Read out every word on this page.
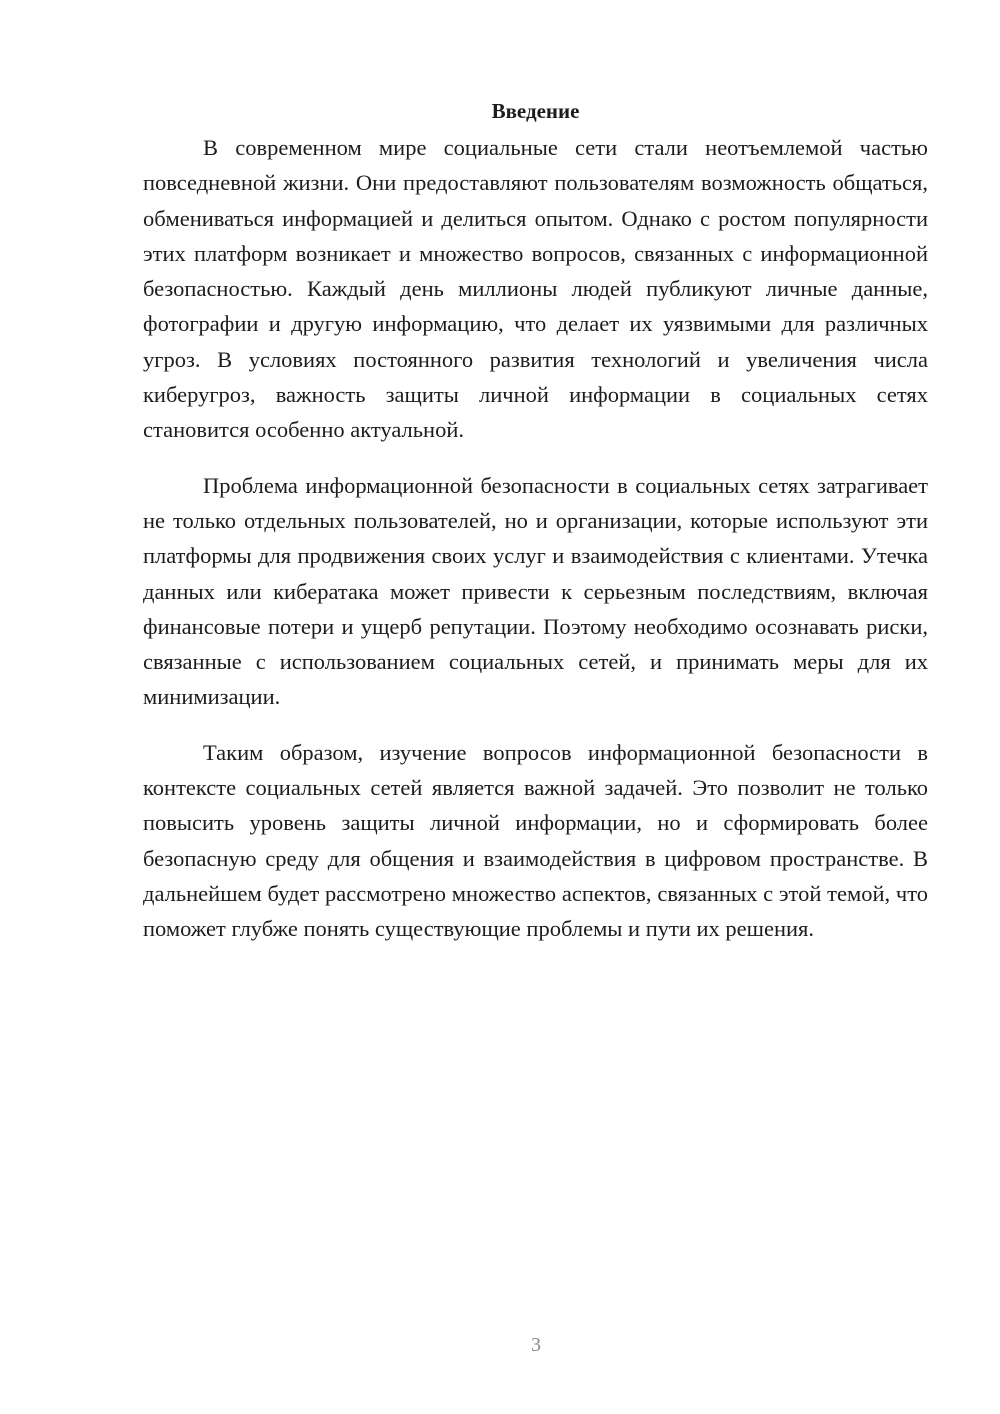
Введение

В современном мире социальные сети стали неотъемлемой частью повседневной жизни. Они предоставляют пользователям возможность общаться, обмениваться информацией и делиться опытом. Однако с ростом популярности этих платформ возникает и множество вопросов, связанных с информационной безопасностью. Каждый день миллионы людей публикуют личные данные, фотографии и другую информацию, что делает их уязвимыми для различных угроз. В условиях постоянного развития технологий и увеличения числа киберугроз, важность защиты личной информации в социальных сетях становится особенно актуальной.

Проблема информационной безопасности в социальных сетях затрагивает не только отдельных пользователей, но и организации, которые используют эти платформы для продвижения своих услуг и взаимодействия с клиентами. Утечка данных или кибератака может привести к серьезным последствиям, включая финансовые потери и ущерб репутации. Поэтому необходимо осознавать риски, связанные с использованием социальных сетей, и принимать меры для их минимизации.

Таким образом, изучение вопросов информационной безопасности в контексте социальных сетей является важной задачей. Это позволит не только повысить уровень защиты личной информации, но и сформировать более безопасную среду для общения и взаимодействия в цифровом пространстве. В дальнейшем будет рассмотрено множество аспектов, связанных с этой темой, что поможет глубже понять существующие проблемы и пути их решения.

3
